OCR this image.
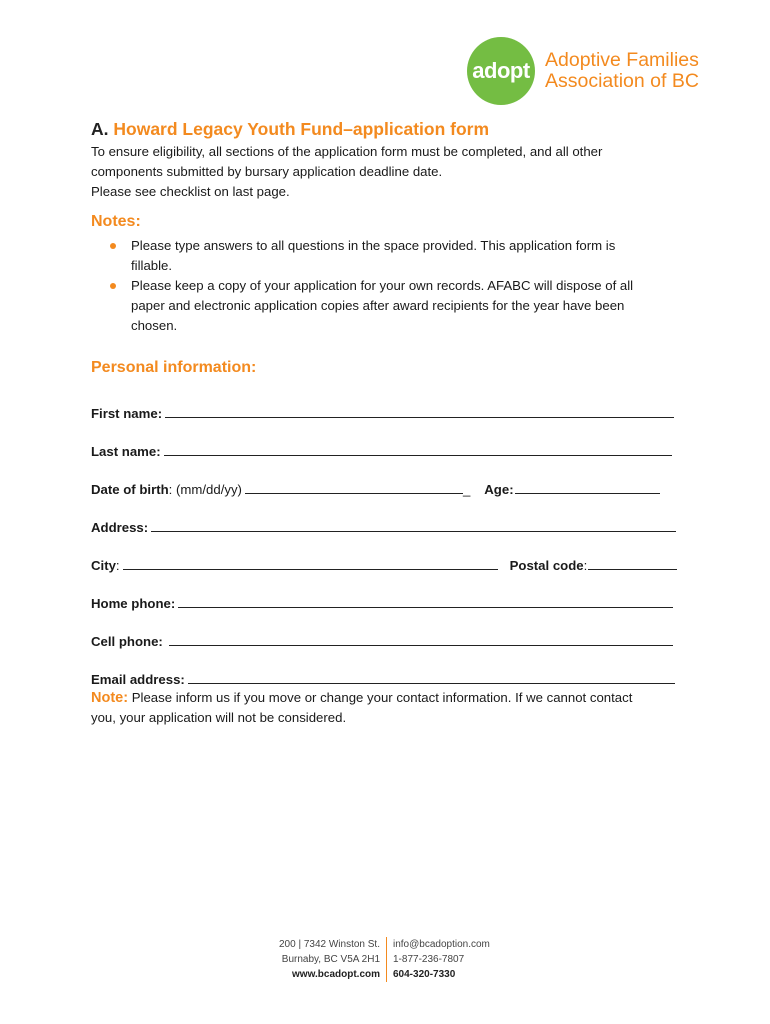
adopt Adoptive Families
Association of BC
A. Howard Legacy Youth Fund–application form
To ensure eligibility, all sections of the application form must be completed, and all other
components submitted by bursary application deadline date.
Please see checklist on last page.
Notes:
Please type answers to all questions in the space provided. This application form is
fillable.
Please keep a copy of your application for your own records. AFABC will dispose of all
paper and electronic application copies after award recipients for the year have been
chosen.
Personal information:
First name:
Last name:
Date of birth : (mm/dd/yy)	_ Age:
Address:
City :	Postal code :
Home phone:
Cell phone:
Email address:
Note: Please inform us if you move or change your contact information. If we cannot contact
you, your application will not be considered.
200 | 7342 Winston St.
Burnaby, BC V5A 2H1
www.bcadopt.com
info@bcadoption.com
1-877-236-7807
604-320-7330
